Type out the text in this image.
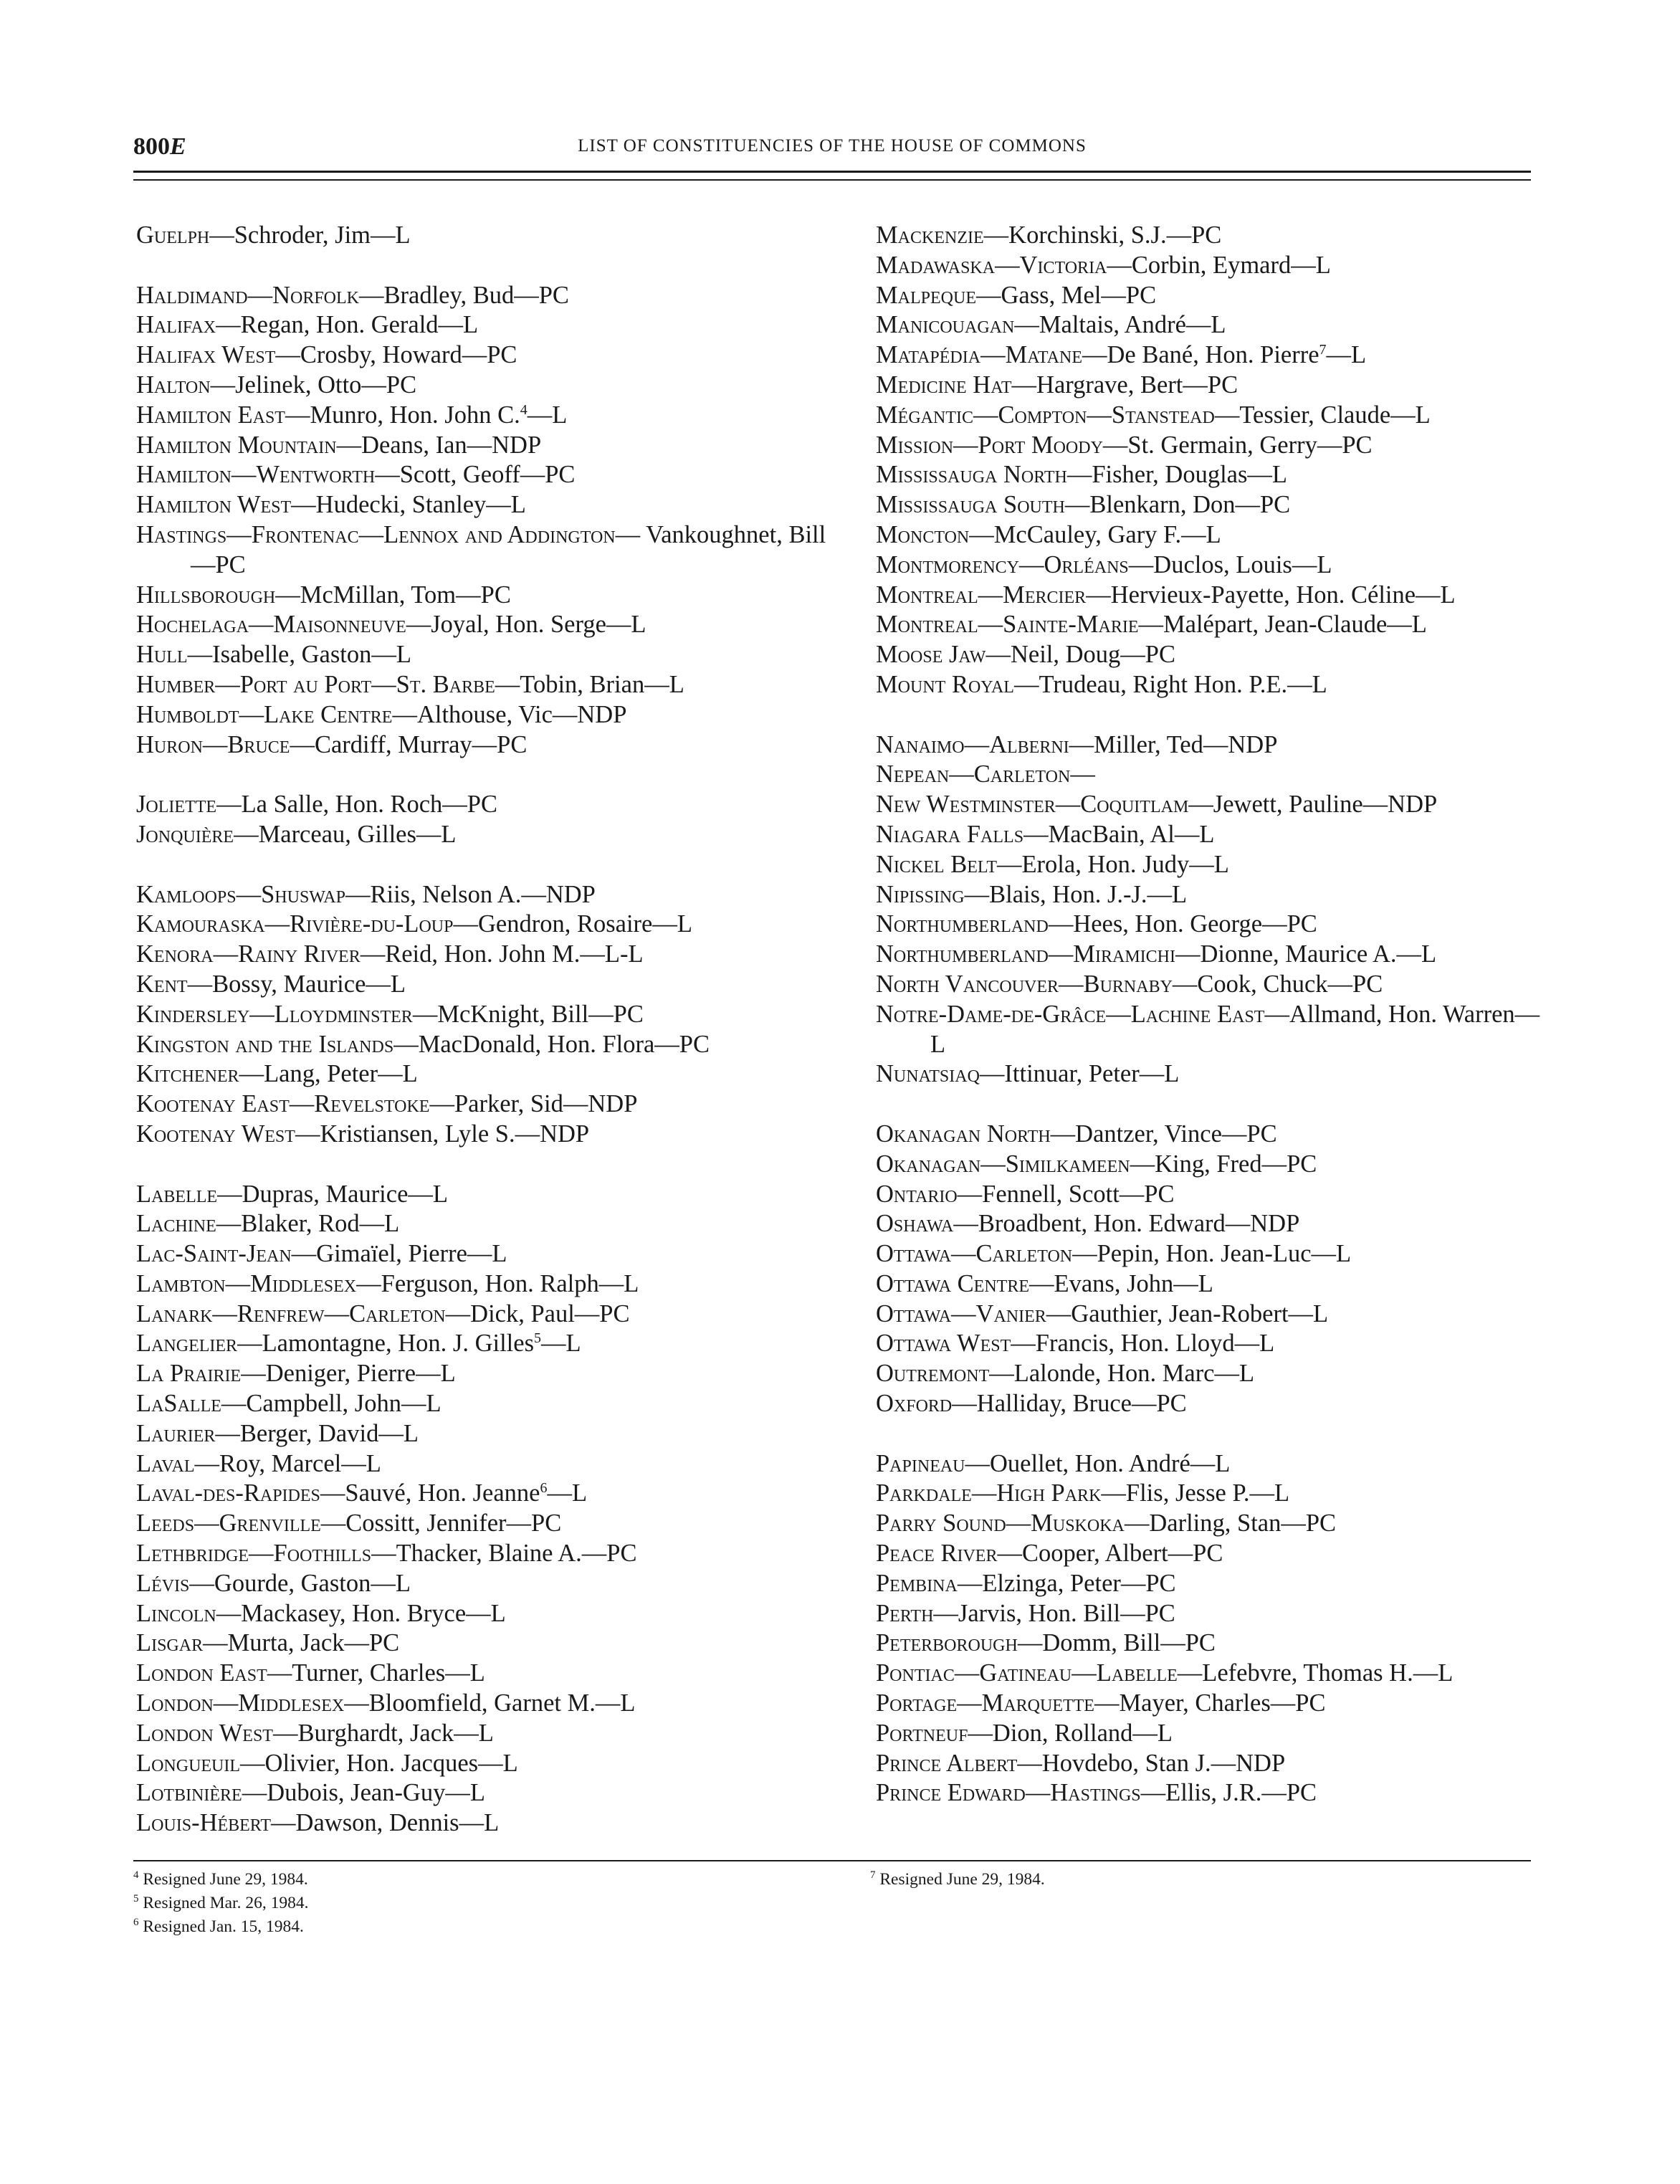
800E	LIST OF CONSTITUENCIES OF THE HOUSE OF COMMONS
Guelph—Schroder, Jim—L
Haldimand—Norfolk—Bradley, Bud—PC
Halifax—Regan, Hon. Gerald—L
Halifax West—Crosby, Howard—PC
Halton—Jelinek, Otto—PC
Hamilton East—Munro, Hon. John C.$^4$—L
Hamilton Mountain—Deans, Ian—NDP
Hamilton—Wentworth—Scott, Geoff—PC
Hamilton West—Hudecki, Stanley—L
Hastings—Frontenac—Lennox and Addington— Vankoughnet, Bill—PC
Hillsborough—McMillan, Tom—PC
Hochelaga—Maisonneuve—Joyal, Hon. Serge—L
Hull—Isabelle, Gaston—L
Humber—Port au Port—St. Barbe—Tobin, Brian—L
Humboldt—Lake Centre—Althouse, Vic—NDP
Huron—Bruce—Cardiff, Murray—PC
Joliette—La Salle, Hon. Roch—PC
Jonquière—Marceau, Gilles—L
Kamloops—Shuswap—Riis, Nelson A.—NDP
Kamouraska—Rivière-du-Loup—Gendron, Rosaire—L
Kenora—Rainy River—Reid, Hon. John M.—L-L
Kent—Bossy, Maurice—L
Kindersley—Lloydminster—McKnight, Bill—PC
Kingston and the Islands—MacDonald, Hon. Flora—PC
Kitchener—Lang, Peter—L
Kootenay East—Revelstoke—Parker, Sid—NDP
Kootenay West—Kristiansen, Lyle S.—NDP
Labelle—Dupras, Maurice—L
Lachine—Blaker, Rod—L
Lac-Saint-Jean—Gimaïel, Pierre—L
Lambton—Middlesex—Ferguson, Hon. Ralph—L
Lanark—Renfrew—Carleton—Dick, Paul—PC
Langelier—Lamontagne, Hon. J. Gilles$^5$—L
La Prairie—Deniger, Pierre—L
LaSalle—Campbell, John—L
Laurier—Berger, David—L
Laval—Roy, Marcel—L
Laval-des-Rapides—Sauvé, Hon. Jeanne$^6$—L
Leeds—Grenville—Cossitt, Jennifer—PC
Lethbridge—Foothills—Thacker, Blaine A.—PC
Lévis—Gourde, Gaston—L
Lincoln—Mackasey, Hon. Bryce—L
Lisgar—Murta, Jack—PC
London East—Turner, Charles—L
London—Middlesex—Bloomfield, Garnet M.—L
London West—Burghardt, Jack—L
Longueuil—Olivier, Hon. Jacques—L
Lotbinière—Dubois, Jean-Guy—L
Louis-Hébert—Dawson, Dennis—L
Mackenzie—Korchinski, S.J.—PC
Madawaska—Victoria—Corbin, Eymard—L
Malpeque—Gass, Mel—PC
Manicouagan—Maltais, André—L
Matapédia—Matane—De Bané, Hon. Pierre$^7$—L
Medicine Hat—Hargrave, Bert—PC
Mégantic—Compton—Stanstead—Tessier, Claude—L
Mission—Port Moody—St. Germain, Gerry—PC
Mississauga North—Fisher, Douglas—L
Mississauga South—Blenkarn, Don—PC
Moncton—McCauley, Gary F.—L
Montmorency—Orléans—Duclos, Louis—L
Montreal—Mercier—Hervieux-Payette, Hon. Céline—L
Montreal—Sainte-Marie—Malépart, Jean-Claude—L
Moose Jaw—Neil, Doug—PC
Mount Royal—Trudeau, Right Hon. P.E.—L
Nanaimo—Alberni—Miller, Ted—NDP
Nepean—Carleton—
New Westminster—Coquitlam—Jewett, Pauline—NDP
Niagara Falls—MacBain, Al—L
Nickel Belt—Erola, Hon. Judy—L
Nipissing—Blais, Hon. J.-J.—L
Northumberland—Hees, Hon. George—PC
Northumberland—Miramichi—Dionne, Maurice A.—L
North Vancouver—Burnaby—Cook, Chuck—PC
Notre-Dame-de-Grâce—Lachine East—Allmand, Hon. Warren—L
Nunatsiaq—Ittinuar, Peter—L
Okanagan North—Dantzer, Vince—PC
Okanagan—Similkameen—King, Fred—PC
Ontario—Fennell, Scott—PC
Oshawa—Broadbent, Hon. Edward—NDP
Ottawa—Carleton—Pepin, Hon. Jean-Luc—L
Ottawa Centre—Evans, John—L
Ottawa—Vanier—Gauthier, Jean-Robert—L
Ottawa West—Francis, Hon. Lloyd—L
Outremont—Lalonde, Hon. Marc—L
Oxford—Halliday, Bruce—PC
Papineau—Ouellet, Hon. André—L
Parkdale—High Park—Flis, Jesse P.—L
Parry Sound—Muskoka—Darling, Stan—PC
Peace River—Cooper, Albert—PC
Pembina—Elzinga, Peter—PC
Perth—Jarvis, Hon. Bill—PC
Peterborough—Domm, Bill—PC
Pontiac—Gatineau—Labelle—Lefebvre, Thomas H.—L
Portage—Marquette—Mayer, Charles—PC
Portneuf—Dion, Rolland—L
Prince Albert—Hovdebo, Stan J.—NDP
Prince Edward—Hastings—Ellis, J.R.—PC
$^4$ Resigned June 29, 1984.
$^5$ Resigned Mar. 26, 1984.
$^6$ Resigned Jan. 15, 1984.
$^7$ Resigned June 29, 1984.
